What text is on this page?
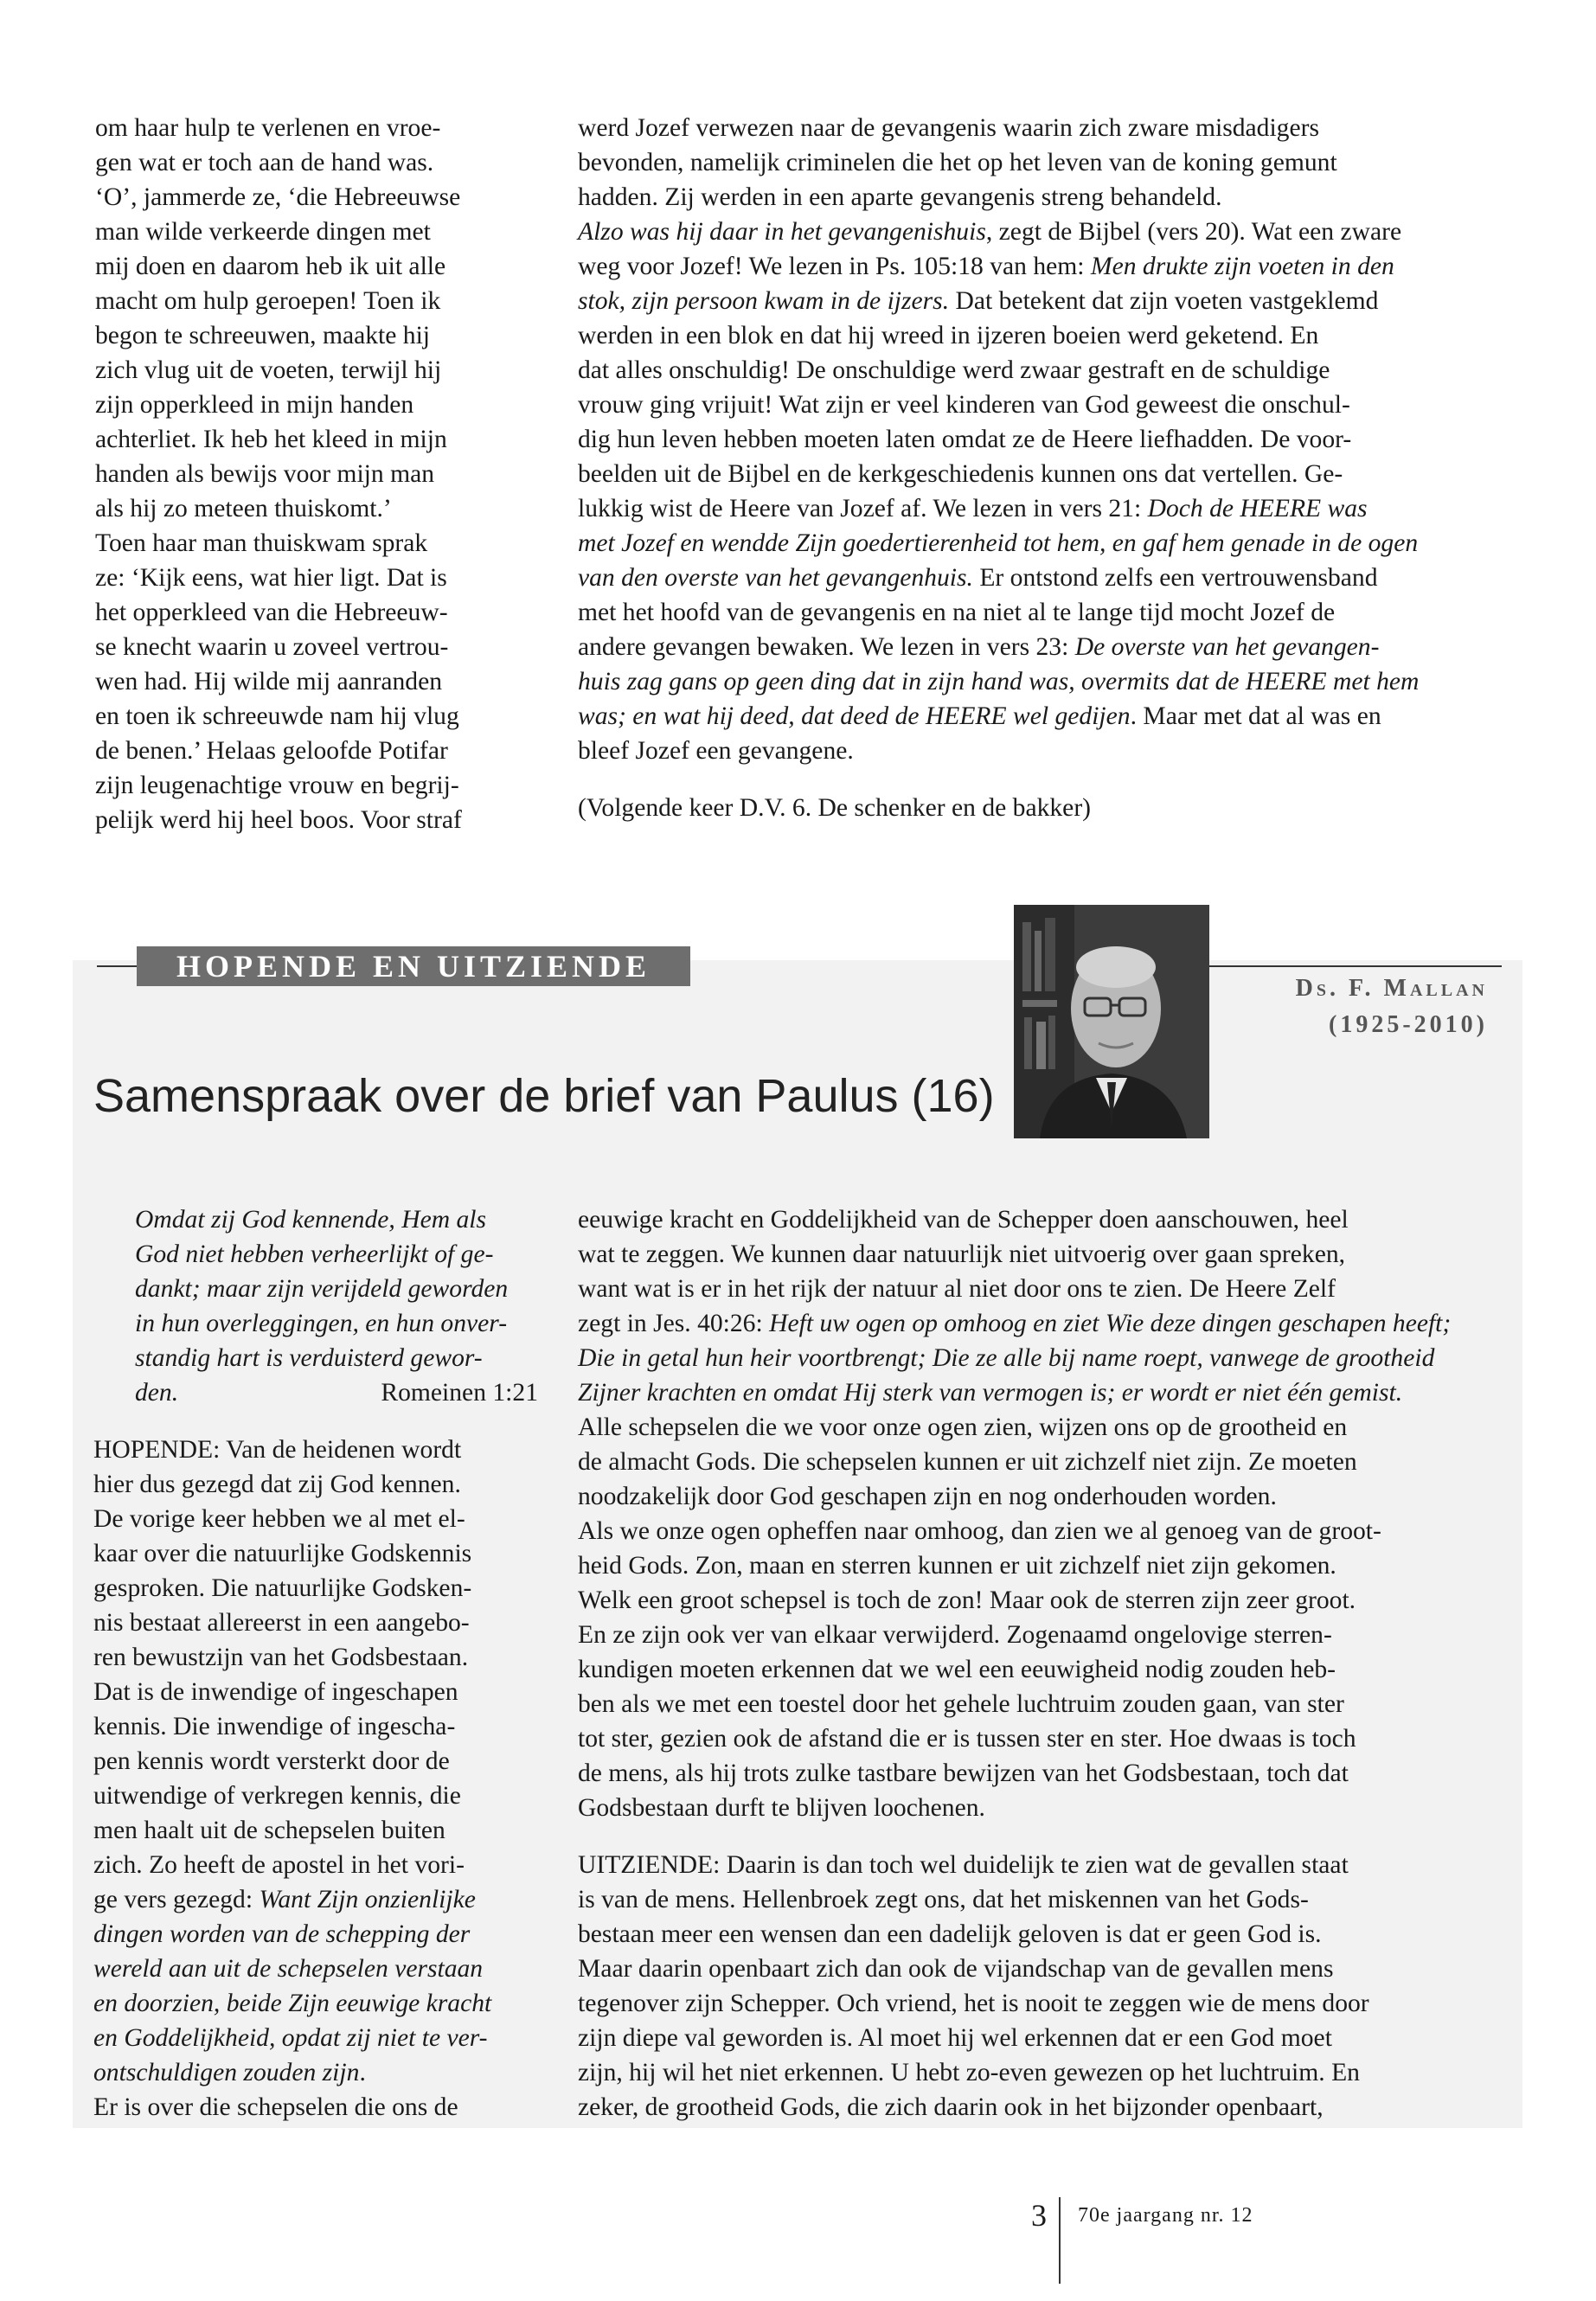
om haar hulp te verlenen en vroe-
gen wat er toch aan de hand was.
‘O’, jammerde ze, ‘die Hebreeuwse
man wilde verkeerde dingen met
mij doen en daarom heb ik uit alle
macht om hulp geroepen! Toen ik
begon te schreeuwen, maakte hij
zich vlug uit de voeten, terwijl hij
zijn opperkleed in mijn handen
achterliet. Ik heb het kleed in mijn
handen als bewijs voor mijn man
als hij zo meteen thuiskomt.’
Toen haar man thuiskwam sprak
ze: ‘Kijk eens, wat hier ligt. Dat is
het opperkleed van die Hebreeuw-
se knecht waarin u zoveel vertrou-
wen had. Hij wilde mij aanranden
en toen ik schreeuwde nam hij vlug
de benen.’ Helaas geloofde Potifar
zijn leugenachtige vrouw en begrij-
pelijk werd hij heel boos. Voor straf

werd Jozef verwezen naar de gevangenis waarin zich zware misdadigers
bevonden, namelijk criminelen die het op het leven van de koning gemunt
hadden. Zij werden in een aparte gevangenis streng behandeld.
Alzo was hij daar in het gevangenishuis, zegt de Bijbel (vers 20). Wat een zware
weg voor Jozef! We lezen in Ps. 105:18 van hem: Men drukte zijn voeten in den
stok, zijn persoon kwam in de ijzers. Dat betekent dat zijn voeten vastgeklemd
werden in een blok en dat hij wreed in ijzeren boeien werd geketend. En
dat alles onschuldig! De onschuldige werd zwaar gestraft en de schuldige
vrouw ging vrijuit! Wat zijn er veel kinderen van God geweest die onschul-
dig hun leven hebben moeten laten omdat ze de Heere liefhadden. De voor-
beelden uit de Bijbel en de kerkgeschiedenis kunnen ons dat vertellen. Ge-
lukkig wist de Heere van Jozef af. We lezen in vers 21: Doch de HEERE was
met Jozef en wendde Zijn goedertierenheid tot hem, en gaf hem genade in de ogen
van den overste van het gevangenhuis. Er ontstond zelfs een vertrouwensband
met het hoofd van de gevangenis en na niet al te lange tijd mocht Jozef de
andere gevangen bewaken. We lezen in vers 23: De overste van het gevangen-
huis zag gans op geen ding dat in zijn hand was, overmits dat de HEERE met hem
was; en wat hij deed, dat deed de HEERE wel gedijen. Maar met dat al was en
bleef Jozef een gevangene.

(Volgende keer D.V. 6. De schenker en de bakker)

HOPENDE EN UITZIENDE
Ds. F. Mallan
(1925-2010)
Samenspraak over de brief van Paulus (16)

Omdat zij God kennende, Hem als
God niet hebben verheerlijkt of ge-
dankt; maar zijn verijdeld geworden
in hun overleggingen, en hun onver-
standig hart is verduisterd gewor-

den.	Romeinen 1:21

HOPENDE: Van de heidenen wordt
hier dus gezegd dat zij God kennen.
De vorige keer hebben we al met el-
kaar over die natuurlijke Godskennis
gesproken. Die natuurlijke Godsken-
nis bestaat allereerst in een aangebo-
ren bewustzijn van het Godsbestaan.
Dat is de inwendige of ingeschapen
kennis. Die inwendige of ingescha-
pen kennis wordt versterkt door de
uitwendige of verkregen kennis, die
men haalt uit de schepselen buiten
zich. Zo heeft de apostel in het vori-
ge vers gezegd: Want Zijn onzienlijke
dingen worden van de schepping der
wereld aan uit de schepselen verstaan
en doorzien, beide Zijn eeuwige kracht
en Goddelijkheid, opdat zij niet te ver-
ontschuldigen zouden zijn.
Er is over die schepselen die ons de

eeuwige kracht en Goddelijkheid van de Schepper doen aanschouwen, heel
wat te zeggen. We kunnen daar natuurlijk niet uitvoerig over gaan spreken,
want wat is er in het rijk der natuur al niet door ons te zien. De Heere Zelf
zegt in Jes. 40:26: Heft uw ogen op omhoog en ziet Wie deze dingen geschapen heeft;
Die in getal hun heir voortbrengt; Die ze alle bij name roept, vanwege de grootheid
Zijner krachten en omdat Hij sterk van vermogen is; er wordt er niet één gemist.
Alle schepselen die we voor onze ogen zien, wijzen ons op de grootheid en
de almacht Gods. Die schepselen kunnen er uit zichzelf niet zijn. Ze moeten
noodzakelijk door God geschapen zijn en nog onderhouden worden.
Als we onze ogen opheffen naar omhoog, dan zien we al genoeg van de groot-
heid Gods. Zon, maan en sterren kunnen er uit zichzelf niet zijn gekomen.
Welk een groot schepsel is toch de zon! Maar ook de sterren zijn zeer groot.
En ze zijn ook ver van elkaar verwijderd. Zogenaamd ongelovige sterren-
kundigen moeten erkennen dat we wel een eeuwigheid nodig zouden heb-
ben als we met een toestel door het gehele luchtruim zouden gaan, van ster
tot ster, gezien ook de afstand die er is tussen ster en ster. Hoe dwaas is toch
de mens, als hij trots zulke tastbare bewijzen van het Godsbestaan, toch dat
Godsbestaan durft te blijven loochenen.

UITZIENDE: Daarin is dan toch wel duidelijk te zien wat de gevallen staat
is van de mens. Hellenbroek zegt ons, dat het miskennen van het Gods-
bestaan meer een wensen dan een dadelijk geloven is dat er geen God is.
Maar daarin openbaart zich dan ook de vijandschap van de gevallen mens
tegenover zijn Schepper. Och vriend, het is nooit te zeggen wie de mens door
zijn diepe val geworden is. Al moet hij wel erkennen dat er een God moet
zijn, hij wil het niet erkennen. U hebt zo-even gewezen op het luchtruim. En
zeker, de grootheid Gods, die zich daarin ook in het bijzonder openbaart,

3 70e jaargang nr. 12
